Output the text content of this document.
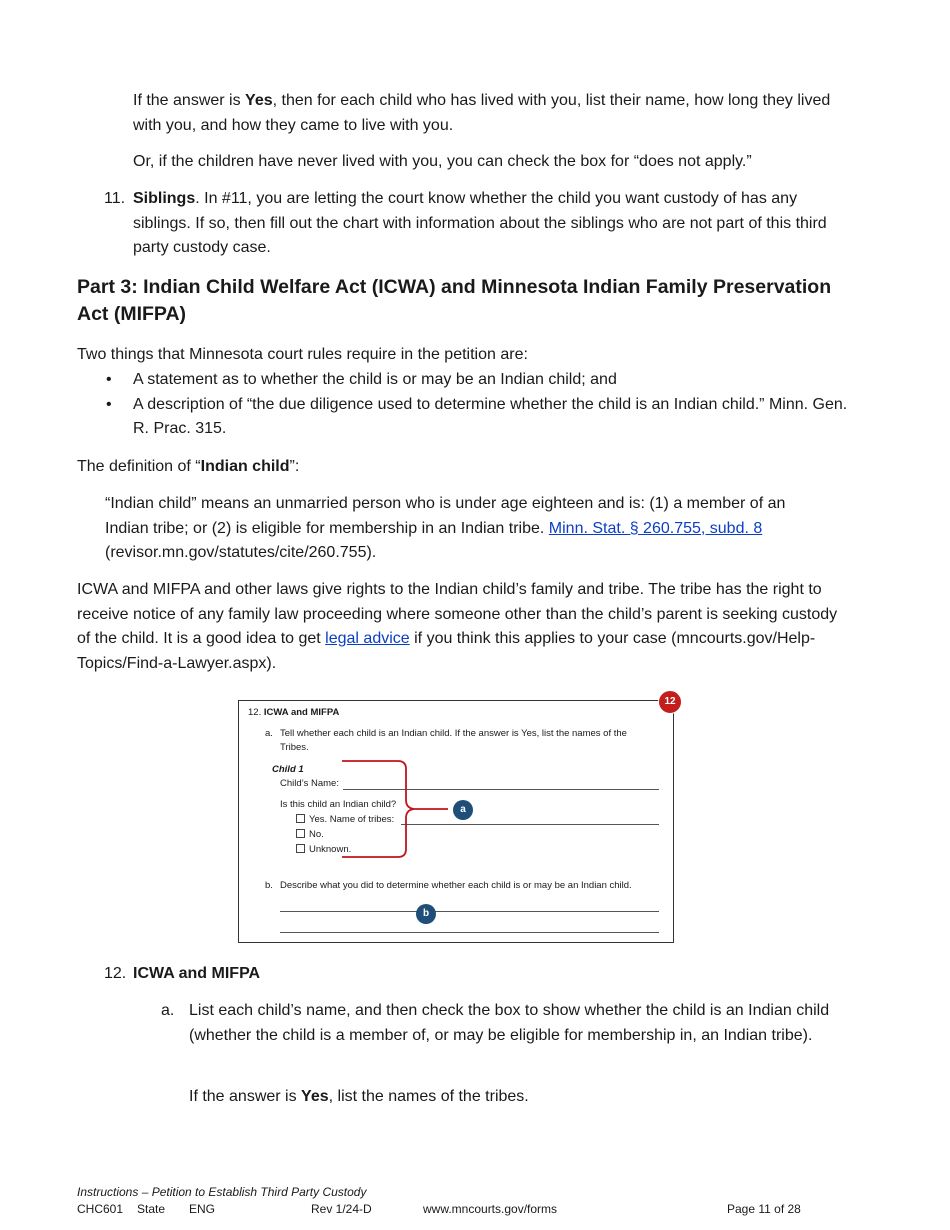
If the answer is Yes, then for each child who has lived with you, list their name, how long they lived with you, and how they came to live with you.

Or, if the children have never lived with you, you can check the box for “does not apply.”

11. Siblings. In #11, you are letting the court know whether the child you want custody of has any siblings. If so, then fill out the chart with information about the siblings who are not part of this third party custody case.

Part 3: Indian Child Welfare Act (ICWA) and Minnesota Indian Family Preservation Act (MIFPA)

Two things that Minnesota court rules require in the petition are:

• A statement as to whether the child is or may be an Indian child; and
• A description of “the due diligence used to determine whether the child is an Indian child.” Minn. Gen. R. Prac. 315.

The definition of “Indian child”:

“Indian child” means an unmarried person who is under age eighteen and is: (1) a member of an Indian tribe; or (2) is eligible for membership in an Indian tribe. Minn. Stat. § 260.755, subd. 8 (revisor.mn.gov/statutes/cite/260.755).

ICWA and MIFPA and other laws give rights to the Indian child’s family and tribe. The tribe has the right to receive notice of any family law proceeding where someone other than the child’s parent is seeking custody of the child. It is a good idea to get legal advice if you think this applies to your case (mncourts.gov/Help-Topics/Find-a-Lawyer.aspx).

12. ICWA and MIFPA

a. Tell whether each child is an Indian child. If the answer is Yes, list the names of the

Tribes.

Child 1

Child’s Name:

Is this child an Indian child?

Yes. Name of tribes:

No.

Unknown.

b. Describe what you did to determine whether each child is or may be an Indian child.

12
a
b
12. ICWA and MIFPA

a. List each child’s name, and then check the box to show whether the child is an Indian child (whether the child is a member of, or may be eligible for membership in, an Indian tribe).

If the answer is Yes, list the names of the tribes.

Instructions – Petition to Establish Third Party Custody

CHC601 State ENG	Rev 1/24-D	www.mncourts.gov/forms	Page 11 of 28
